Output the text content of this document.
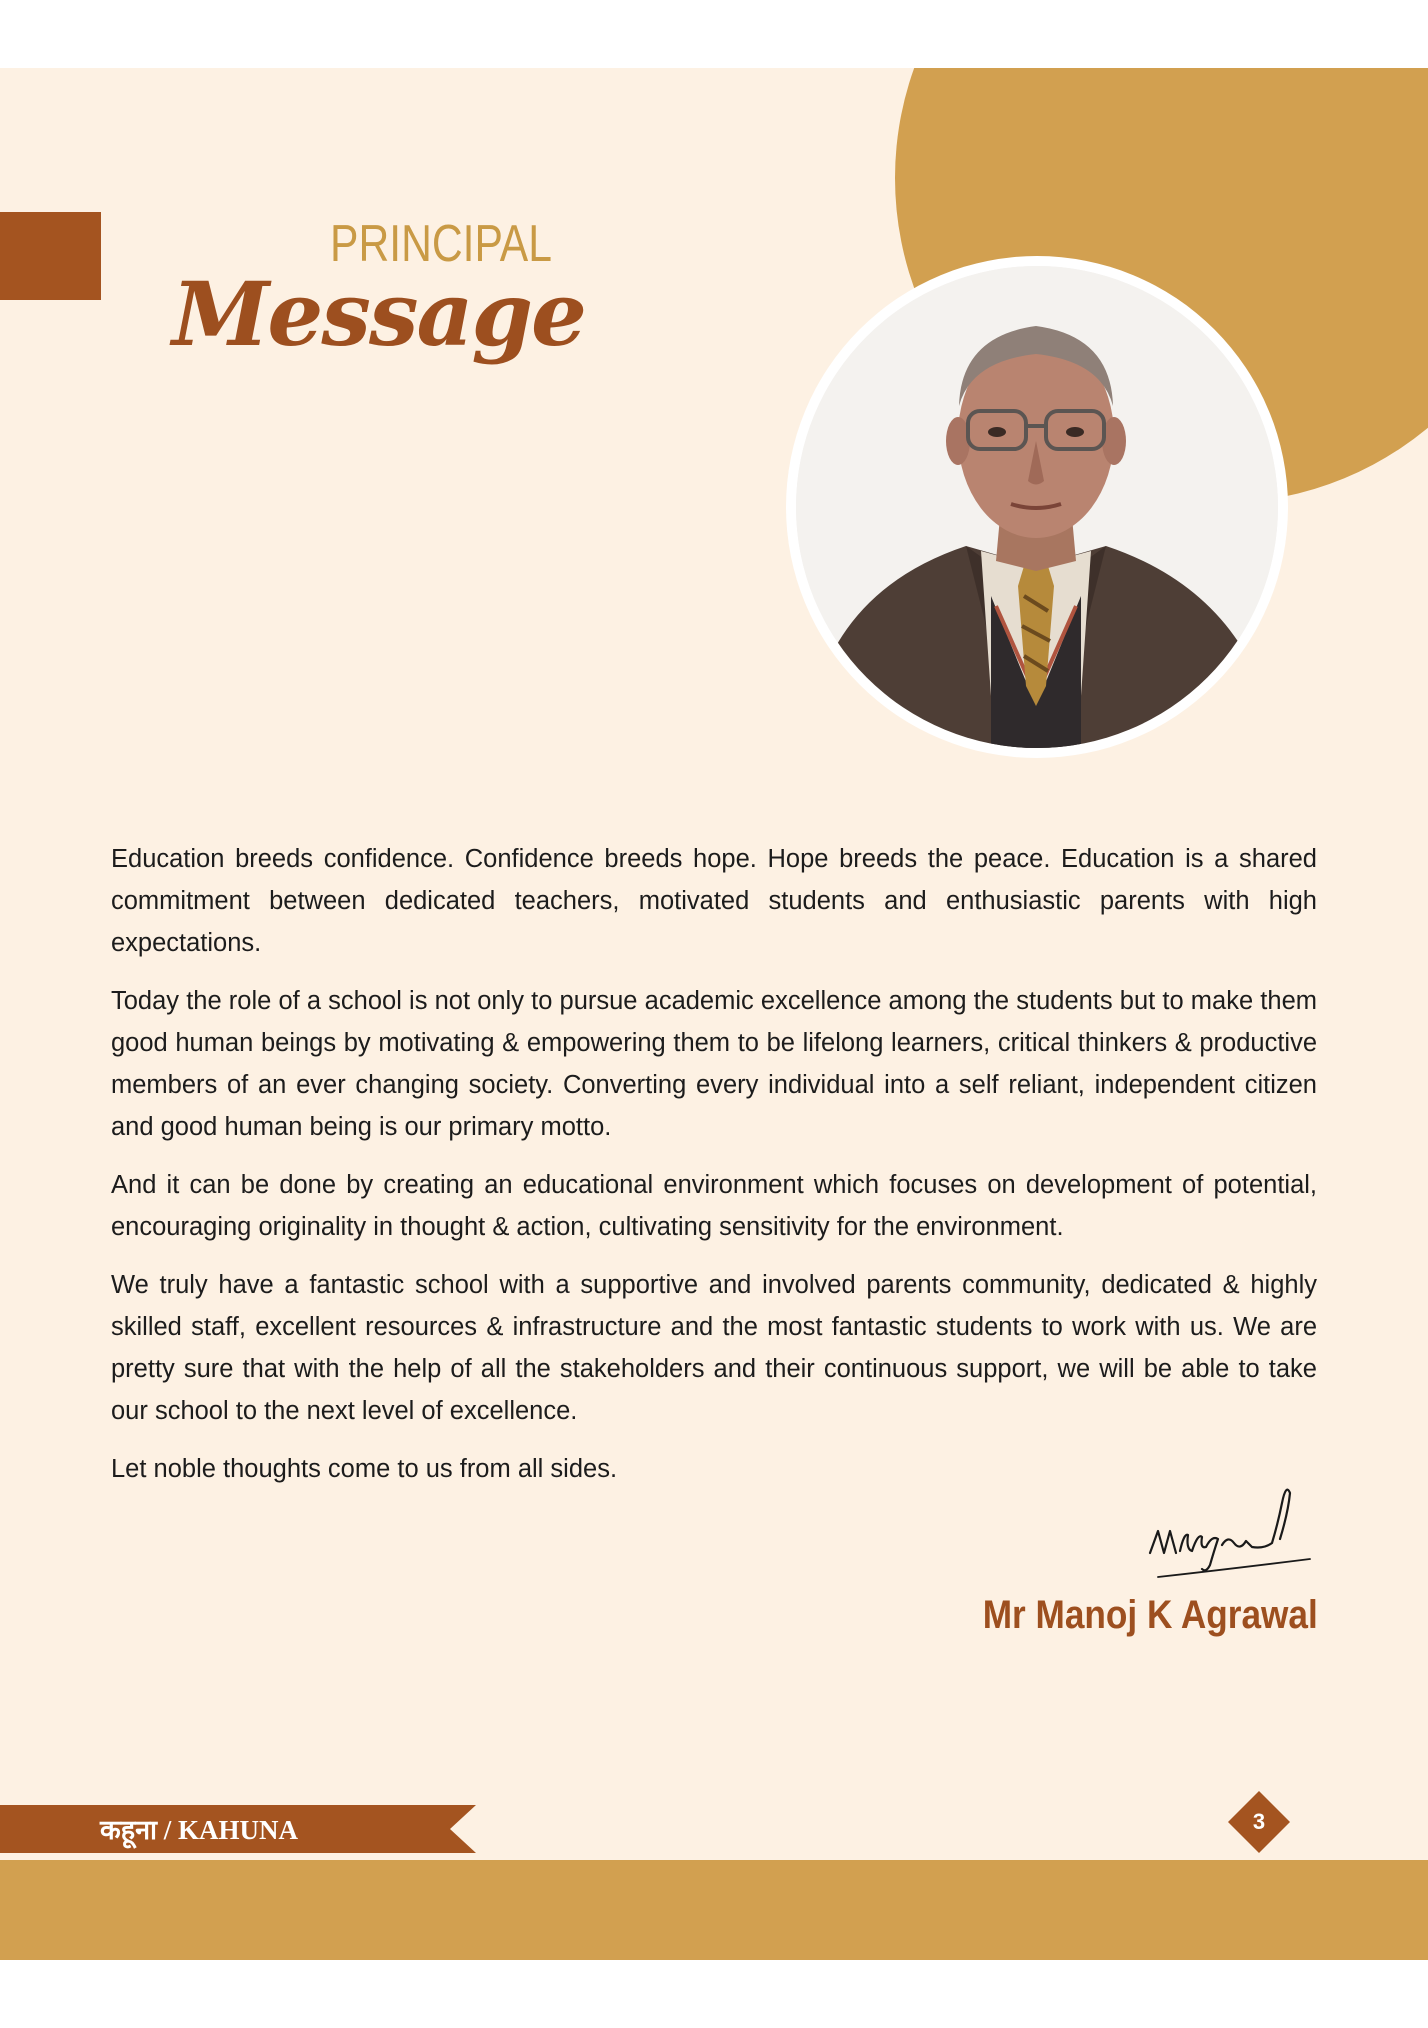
PRINCIPAL
Message

Education breeds confidence. Confidence breeds hope. Hope breeds the peace. Education is a shared commitment between dedicated teachers, motivated students and enthusiastic parents with high expectations.

Today the role of a school is not only to pursue academic excellence among the students but to make them good human beings by motivating & empowering them to be lifelong learners, critical thinkers & productive members of an ever changing society. Converting every individual into a self reliant, independent citizen and good human being is our primary motto.

And it can be done by creating an educational environment which focuses on development of potential, encouraging originality in thought & action, cultivating sensitivity for the environment.

We truly have a fantastic school with a supportive and involved parents community, dedicated & highly skilled staff, excellent resources & infrastructure and the most fantastic students to work with us. We are pretty sure that with the help of all the stakeholders and their continuous support, we will be able to take our school to the next level of excellence.

Let noble thoughts come to us from all sides.

Mr Manoj K Agrawal
कहूना / KAHUNA	3
